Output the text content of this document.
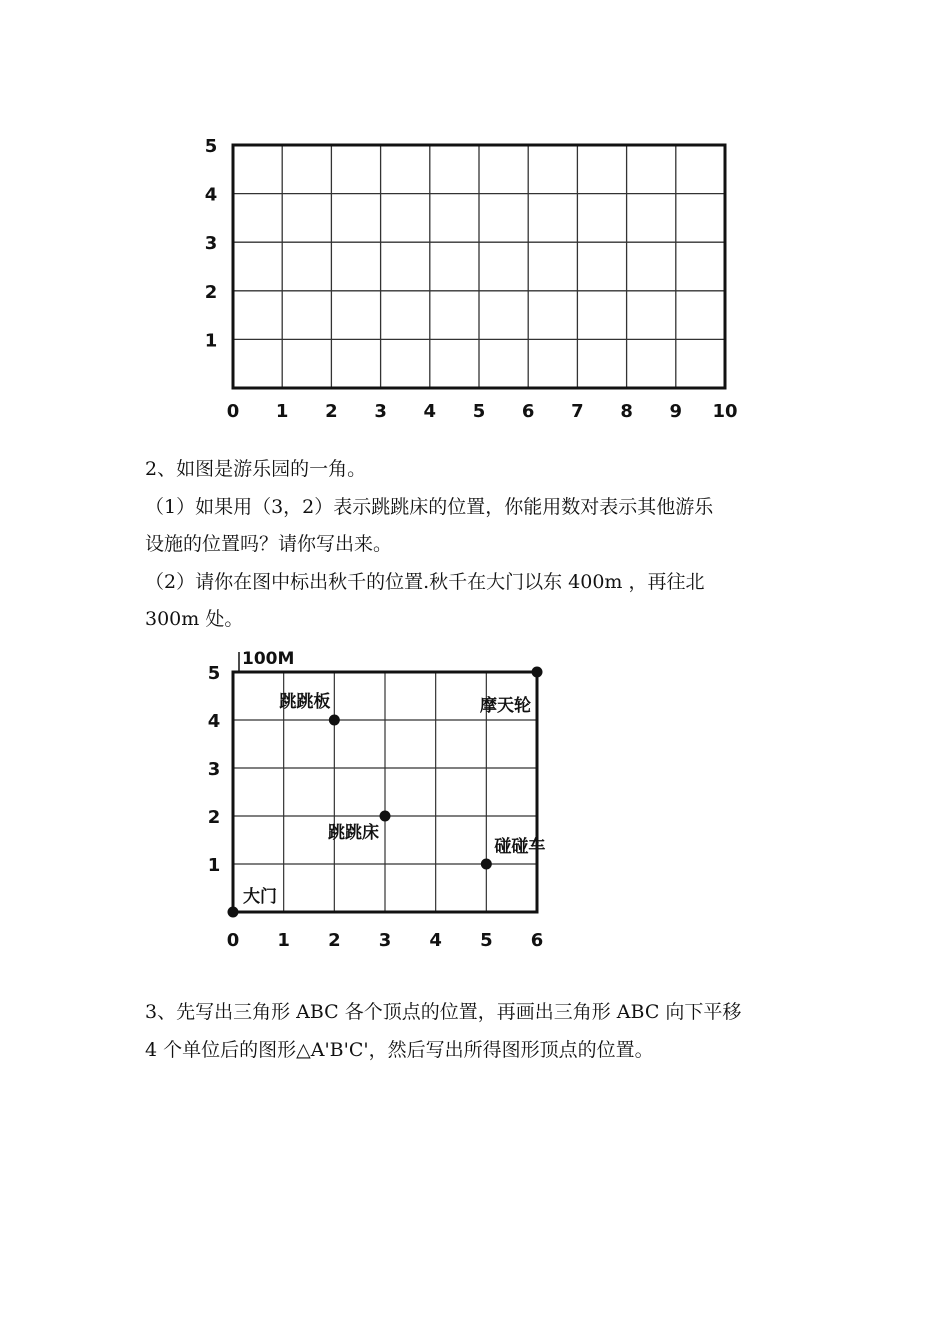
0 1 2 3 4 5 6 7 8 9 10
1
2
3
4
5

2、如图是游乐园的一角。

（1）如果用（3，2）表示跳跳床的位置，你能用数对表示其他游乐

设施的位置吗？请你写出来。

（2）请你在图中标出秋千的位置.秋千在大门以东 400m ，再往北

300m 处。

100M
0 1 2 3 4 5 6
1
2
3
4
5
大门
跳跳板	摩天轮
跳跳床
碰碰车

3、先写出三角形 ABC 各个顶点的位置，再画出三角形 ABC 向下平移

4 个单位后的图形△A'B'C'，然后写出所得图形顶点的位置。
